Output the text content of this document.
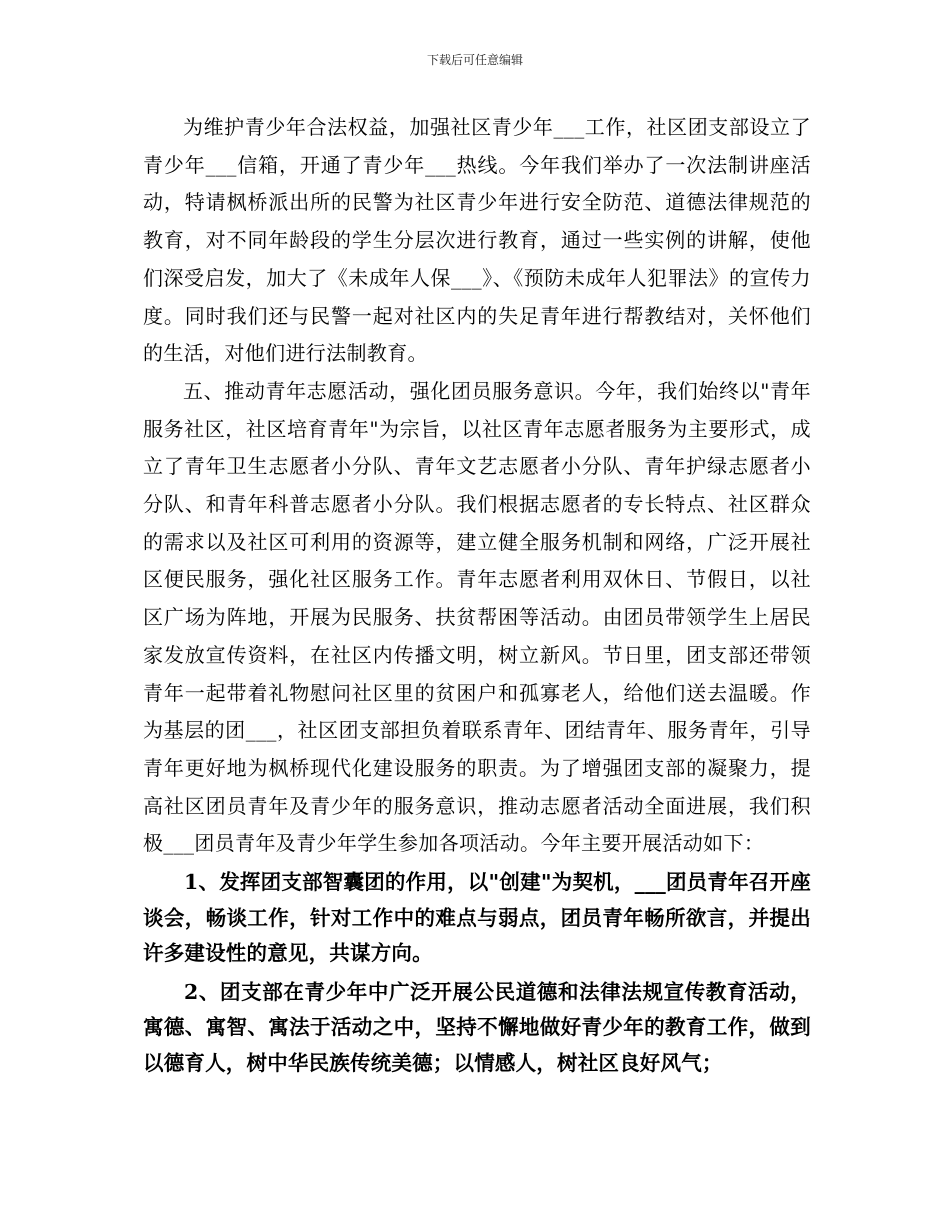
下载后可任意编辑

为维护青少年合法权益，加强社区青少年___工作，社区团支部设立了青少年___信箱，开通了青少年___热线。今年我们举办了一次法制讲座活动，特请枫桥派出所的民警为社区青少年进行安全防范、道德法律规范的教育，对不同年龄段的学生分层次进行教育，通过一些实例的讲解，使他们深受启发，加大了《未成年人保___》、《预防未成年人犯罪法》的宣传力度。同时我们还与民警一起对社区内的失足青年进行帮教结对，关怀他们的生活，对他们进行法制教育。

五、推动青年志愿活动，强化团员服务意识。今年，我们始终以"青年服务社区，社区培育青年"为宗旨，以社区青年志愿者服务为主要形式，成立了青年卫生志愿者小分队、青年文艺志愿者小分队、青年护绿志愿者小分队、和青年科普志愿者小分队。我们根据志愿者的专长特点、社区群众的需求以及社区可利用的资源等，建立健全服务机制和网络，广泛开展社区便民服务，强化社区服务工作。青年志愿者利用双休日、节假日，以社区广场为阵地，开展为民服务、扶贫帮困等活动。由团员带领学生上居民家发放宣传资料，在社区内传播文明，树立新风。节日里，团支部还带领青年一起带着礼物慰问社区里的贫困户和孤寡老人，给他们送去温暖。作为基层的团___，社区团支部担负着联系青年、团结青年、服务青年，引导青年更好地为枫桥现代化建设服务的职责。为了增强团支部的凝聚力，提高社区团员青年及青少年的服务意识，推动志愿者活动全面进展，我们积极___团员青年及青少年学生参加各项活动。今年主要开展活动如下：

1、发挥团支部智囊团的作用，以"创建"为契机，___团员青年召开座谈会，畅谈工作，针对工作中的难点与弱点，团员青年畅所欲言，并提出许多建设性的意见，共谋方向。

2、团支部在青少年中广泛开展公民道德和法律法规宣传教育活动，寓德、寓智、寓法于活动之中，坚持不懈地做好青少年的教育工作，做到以德育人，树中华民族传统美德；以情感人，树社区良好风气；
